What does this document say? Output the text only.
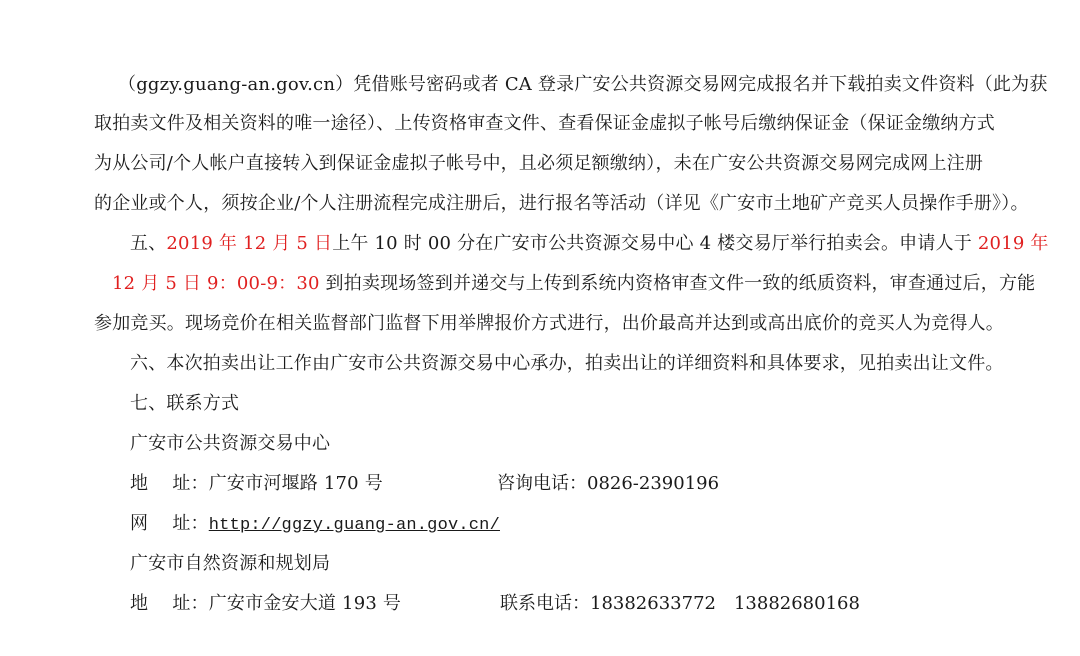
（ggzy.guang-an.gov.cn）凭借账号密码或者 CA 登录广安公共资源交易网完成报名并下载拍卖文件资料（此为获
取拍卖文件及相关资料的唯一途径）、上传资格审查文件、查看保证金虚拟子帐号后缴纳保证金（保证金缴纳方式
为从公司/个人帐户直接转入到保证金虚拟子帐号中，且必须足额缴纳），未在广安公共资源交易网完成网上注册
的企业或个人，须按企业/个人注册流程完成注册后，进行报名等活动（详见《广安市土地矿产竞买人员操作手册》）。
五、2019 年 12 月 5 日上午 10 时 00 分在广安市公共资源交易中心 4 楼交易厅举行拍卖会。申请人于 2019 年
12 月 5 日 9：00-9：30 到拍卖现场签到并递交与上传到系统内资格审查文件一致的纸质资料，审查通过后，方能
参加竞买。现场竞价在相关监督部门监督下用举牌报价方式进行，出价最高并达到或高出底价的竞买人为竞得人。
六、本次拍卖出让工作由广安市公共资源交易中心承办，拍卖出让的详细资料和具体要求，见拍卖出让文件。
七、联系方式
广安市公共资源交易中心
地　 址：广安市河堰路 170 号	咨询电话：0826-2390196
网　 址：http://ggzy.guang-an.gov.cn/
广安市自然资源和规划局
地　 址：广安市金安大道 193 号	联系电话：18382633772　13882680168
